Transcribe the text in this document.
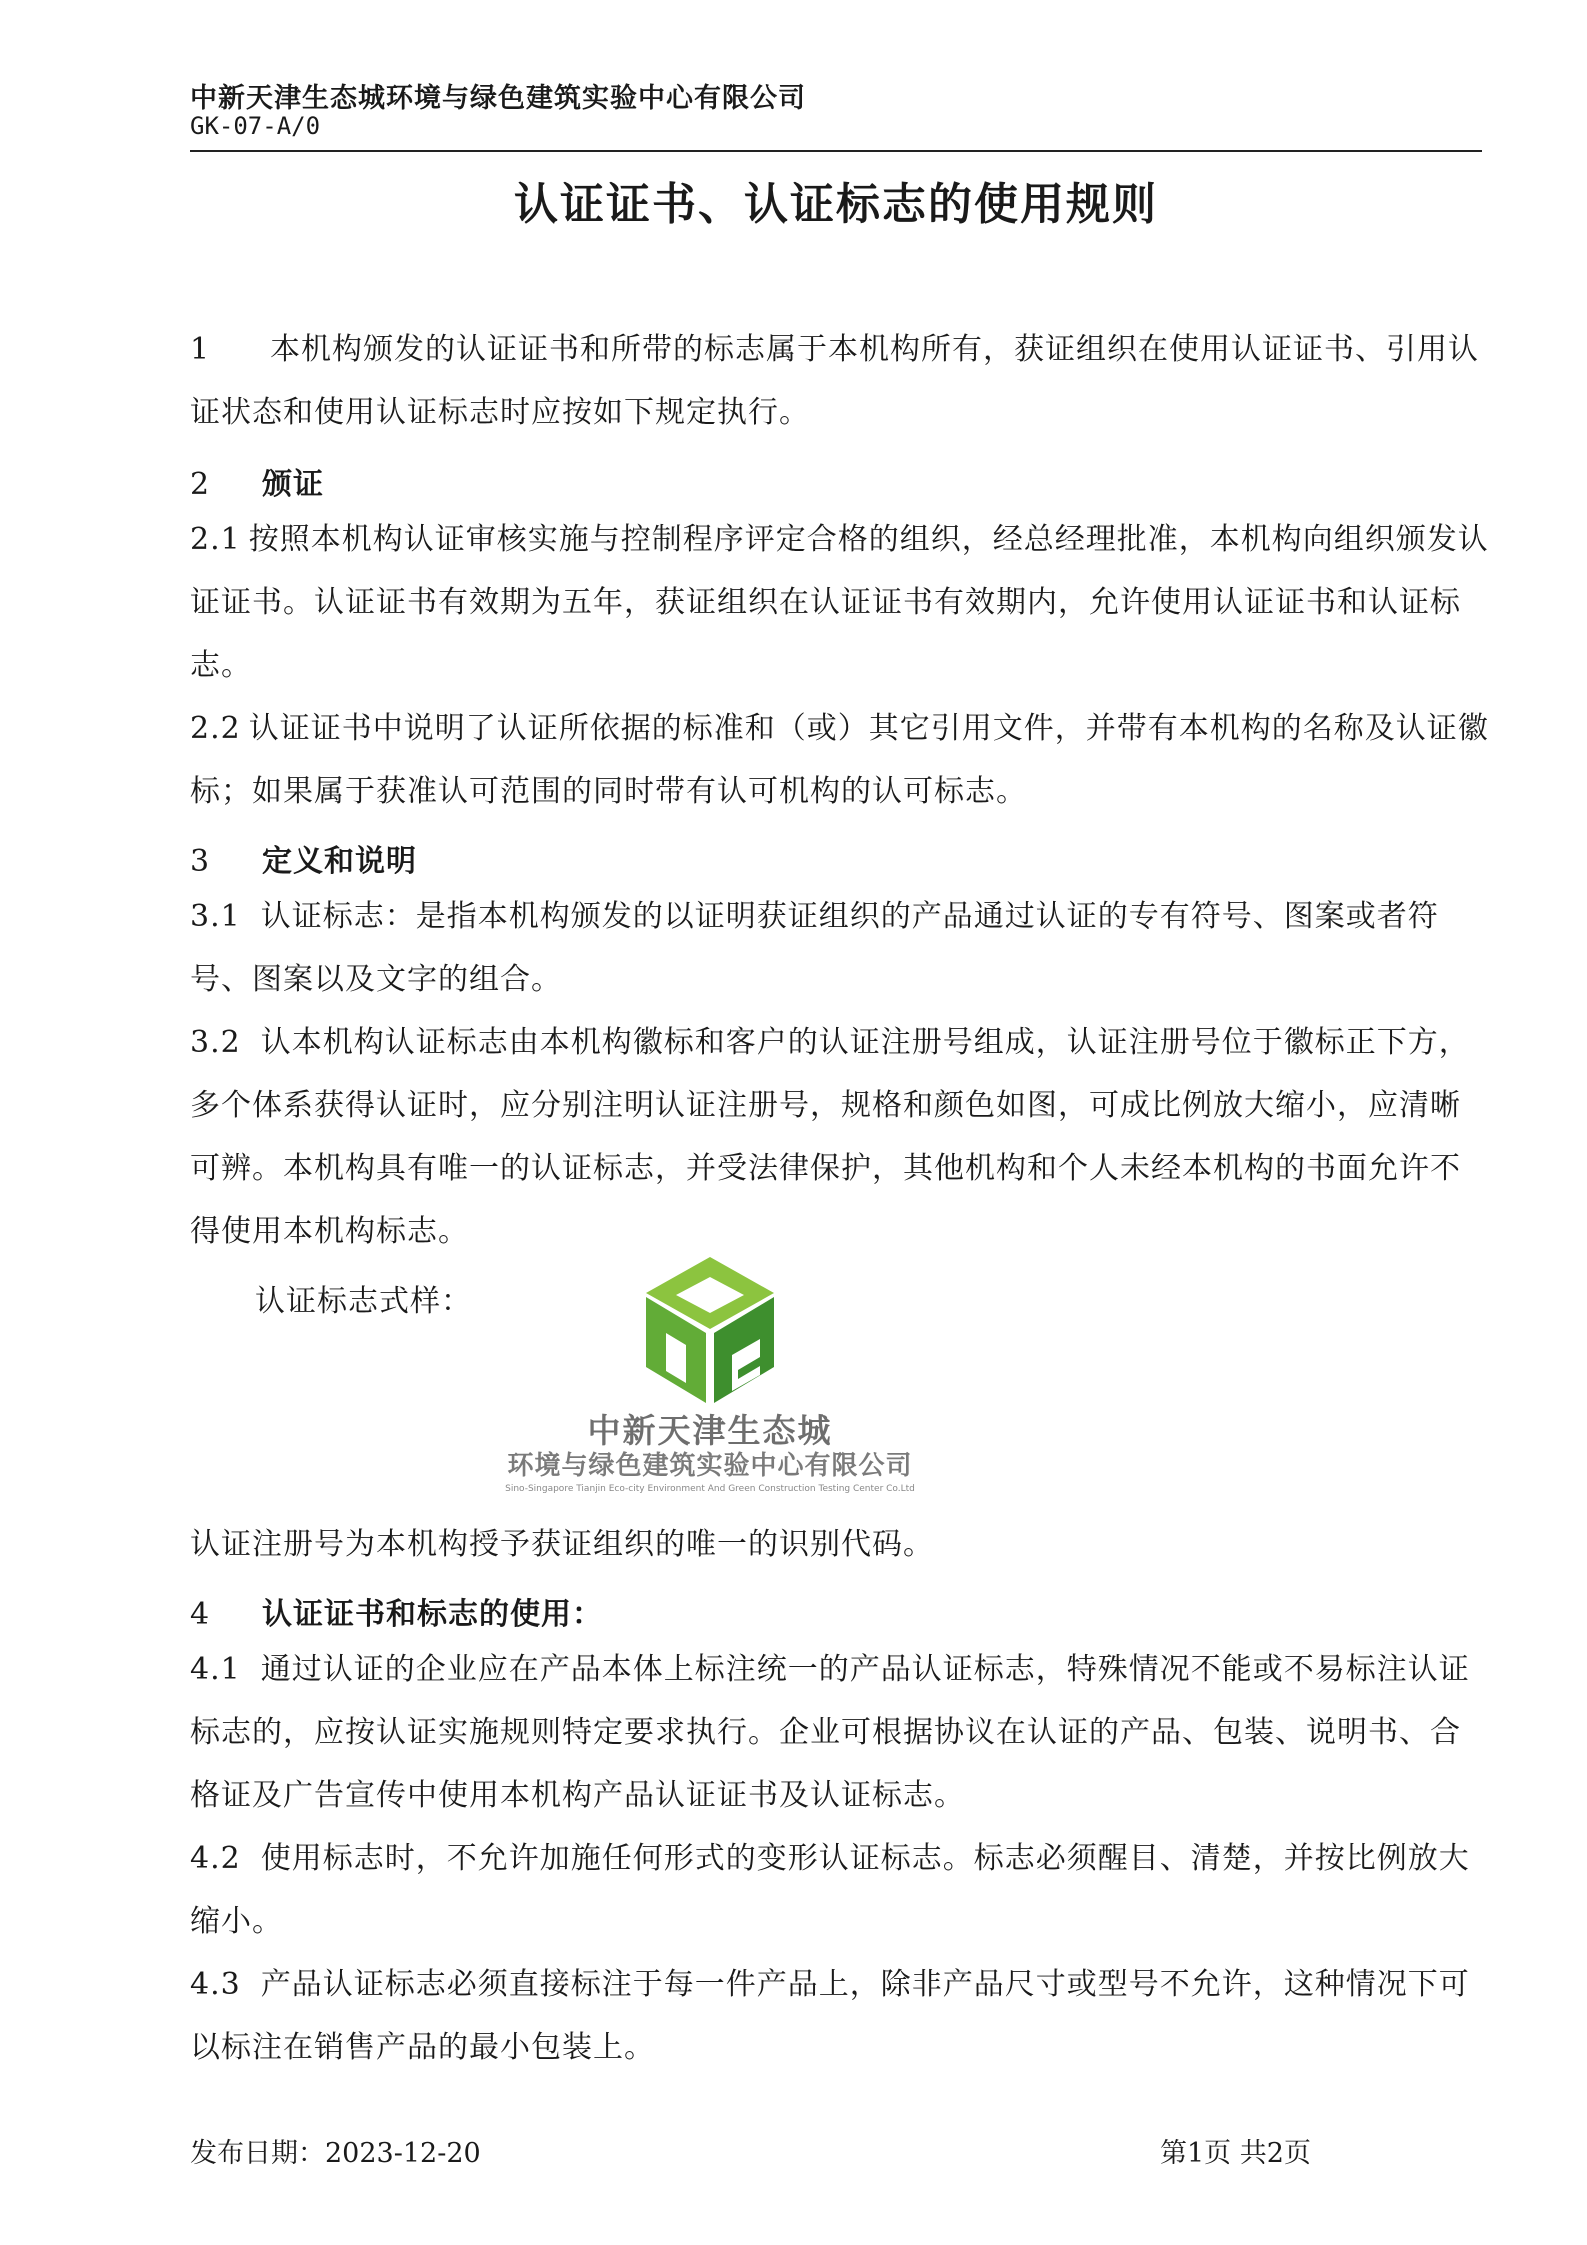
中新天津生态城环境与绿色建筑实验中心有限公司
GK-07-A/0
认证证书、认证标志的使用规则
1 本机构颁发的认证证书和所带的标志属于本机构所有，获证组织在使用认证证书、引用认证状态和使用认证标志时应按如下规定执行。
2 颁证
2.1 按照本机构认证审核实施与控制程序评定合格的组织，经总经理批准，本机构向组织颁发认证证书。认证证书有效期为五年，获证组织在认证证书有效期内，允许使用认证证书和认证标志。
2.2 认证证书中说明了认证所依据的标准和（或）其它引用文件，并带有本机构的名称及认证徽标；如果属于获准认可范围的同时带有认可机构的认可标志。
3 定义和说明
3.1 认证标志：是指本机构颁发的以证明获证组织的产品通过认证的专有符号、图案或者符号、图案以及文字的组合。
3.2 认本机构认证标志由本机构徽标和客户的认证注册号组成，认证注册号位于徽标正下方，多个体系获得认证时，应分别注明认证注册号，规格和颜色如图，可成比例放大缩小，应清晰可辨。本机构具有唯一的认证标志，并受法律保护，其他机构和个人未经本机构的书面允许不得使用本机构标志。
认证标志式样：
中新天津生态城
环境与绿色建筑实验中心有限公司
Sino-Singapore Tianjin Eco-city Environment And Green Construction Testing Center Co.Ltd
认证注册号为本机构授予获证组织的唯一的识别代码。
4 认证证书和标志的使用：
4.1 通过认证的企业应在产品本体上标注统一的产品认证标志，特殊情况不能或不易标注认证标志的，应按认证实施规则特定要求执行。企业可根据协议在认证的产品、包装、说明书、合格证及广告宣传中使用本机构产品认证证书及认证标志。
4.2 使用标志时，不允许加施任何形式的变形认证标志。标志必须醒目、清楚，并按比例放大缩小。
4.3 产品认证标志必须直接标注于每一件产品上，除非产品尺寸或型号不允许，这种情况下可以标注在销售产品的最小包装上。
发布日期：2023-12-20	第1页 共2页
